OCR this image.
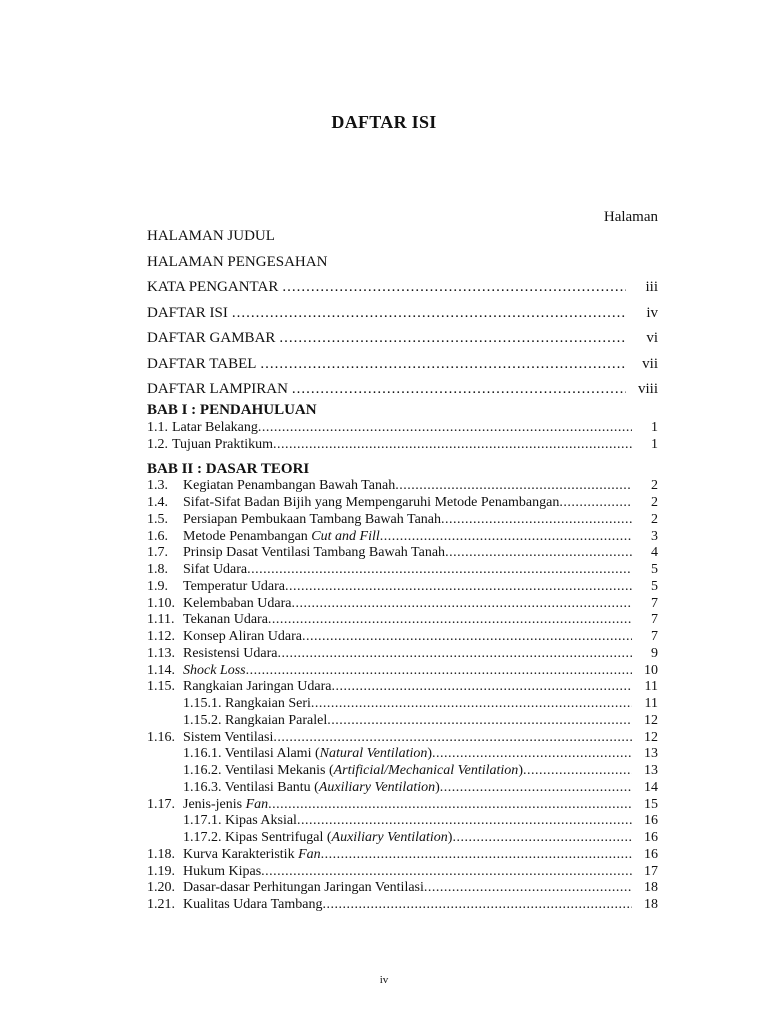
DAFTAR ISI
Halaman
HALAMAN JUDUL
HALAMAN PENGESAHAN
KATA PENGANTAR .....	iii
DAFTAR ISI .....	iv
DAFTAR GAMBAR .....	vi
DAFTAR TABEL .....	vii
DAFTAR LAMPIRAN .....	viii
BAB I : PENDAHULUAN
1.1. Latar Belakang .....	1
1.2. Tujuan Praktikum .....	1
BAB II : DASAR TEORI
1.3.	Kegiatan Penambangan Bawah Tanah .....	2
1.4.	Sifat-Sifat Badan Bijih yang Mempengaruhi Metode Penambangan .....	2
1.5.	Persiapan Pembukaan Tambang Bawah Tanah .....	2
1.6.	Metode Penambangan Cut and Fill .....	3
1.7.	Prinsip Dasat Ventilasi Tambang Bawah Tanah .....	4
1.8.	Sifat Udara .....	5
1.9.	Temperatur Udara .....	5
1.10. Kelembaban Udara .....	7
1.11. Tekanan Udara .....	7
1.12. Konsep Aliran Udara .....	7
1.13. Resistensi Udara .....	9
1.14. Shock Loss .....	10
1.15. Rangkaian Jaringan Udara .....	11
1.15.1. Rangkaian Seri .....	11
1.15.2. Rangkaian Paralel .....	12
1.16. Sistem Ventilasi .....	12
1.16.1. Ventilasi Alami (Natural Ventilation) .....	13
1.16.2. Ventilasi Mekanis (Artificial/Mechanical Ventilation) .....	13
1.16.3. Ventilasi Bantu (Auxiliary Ventilation) .....	14
1.17. Jenis-jenis Fan .....	15
1.17.1. Kipas Aksial .....	16
1.17.2. Kipas Sentrifugal (Auxiliary Ventilation) .....	16
1.18. Kurva Karakteristik Fan .....	16
1.19. Hukum Kipas .....	17
1.20. Dasar-dasar Perhitungan Jaringan Ventilasi .....	18
1.21. Kualitas Udara Tambang .....	18
iv
